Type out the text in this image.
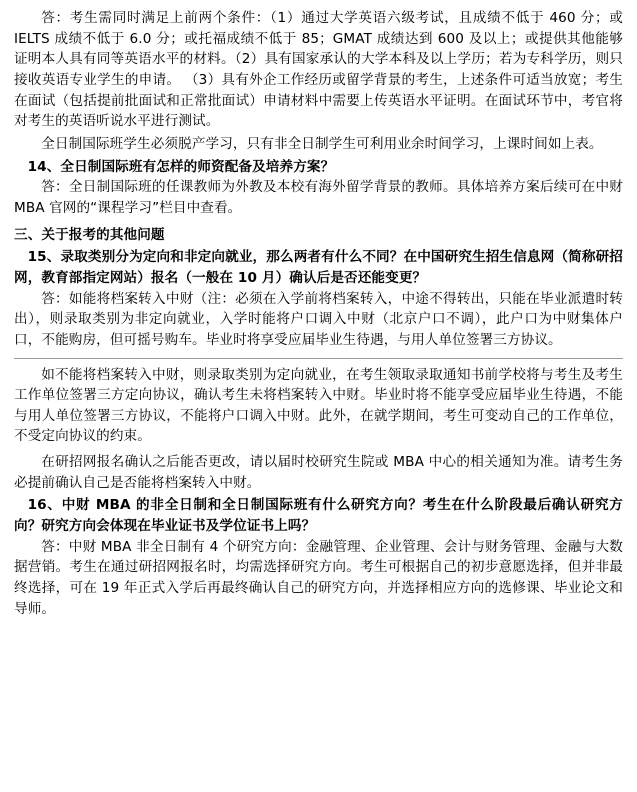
答：考生需同时满足上前两个条件：（1）通过大学英语六级考试，且成绩不低于 460 分；或 IELTS 成绩不低于 6.0 分；或托福成绩不低于 85；GMAT 成绩达到 600 及以上；或提供其他能够证明本人具有同等英语水平的材料。（2）具有国家承认的大学本科及以上学历；若为专科学历，则只接收英语专业学生的申请。 （3）具有外企工作经历或留学背景的考生，上述条件可适当放宽；考生在面试（包括提前批面试和正常批面试）申请材料中需要上传英语水平证明。在面试环节中，考官将对考生的英语听说水平进行测试。

全日制国际班学生必须脱产学习，只有非全日制学生可利用业余时间学习，上课时间如上表。

14、全日制国际班有怎样的师资配备及培养方案？

答：全日制国际班的任课教师为外教及本校有海外留学背景的教师。具体培养方案后续可在中财 MBA 官网的“课程学习”栏目中查看。

三、关于报考的其他问题

15、录取类别分为定向和非定向就业，那么两者有什么不同？在中国研究生招生信息网（简称研招网，教育部指定网站）报名（一般在 10 月）确认后是否还能变更？

答：如能将档案转入中财（注：必须在入学前将档案转入，中途不得转出，只能在毕业派遣时转出），则录取类别为非定向就业，入学时能将户口调入中财（北京户口不调），此户口为中财集体户口，不能购房，但可摇号购车。毕业时将享受应届毕业生待遇，与用人单位签署三方协议。

如不能将档案转入中财，则录取类别为定向就业，在考生领取录取通知书前学校将与考生及考生工作单位签署三方定向协议，确认考生未将档案转入中财。毕业时将不能享受应届毕业生待遇，不能与用人单位签署三方协议，不能将户口调入中财。此外，在就学期间，考生可变动自己的工作单位，不受定向协议的约束。

在研招网报名确认之后能否更改，请以届时校研究生院或 MBA 中心的相关通知为准。请考生务必提前确认自己是否能将档案转入中财。

16、中财 MBA 的非全日制和全日制国际班有什么研究方向？考生在什么阶段最后确认研究方向？研究方向会体现在毕业证书及学位证书上吗？

答：中财 MBA 非全日制有 4 个研究方向：金融管理、企业管理、会计与财务管理、金融与大数据营销。考生在通过研招网报名时，均需选择研究方向。考生可根据自己的初步意愿选择，但并非最终选择，可在 19 年正式入学后再最终确认自己的研究方向，并选择相应方向的选修课、毕业论文和导师。
